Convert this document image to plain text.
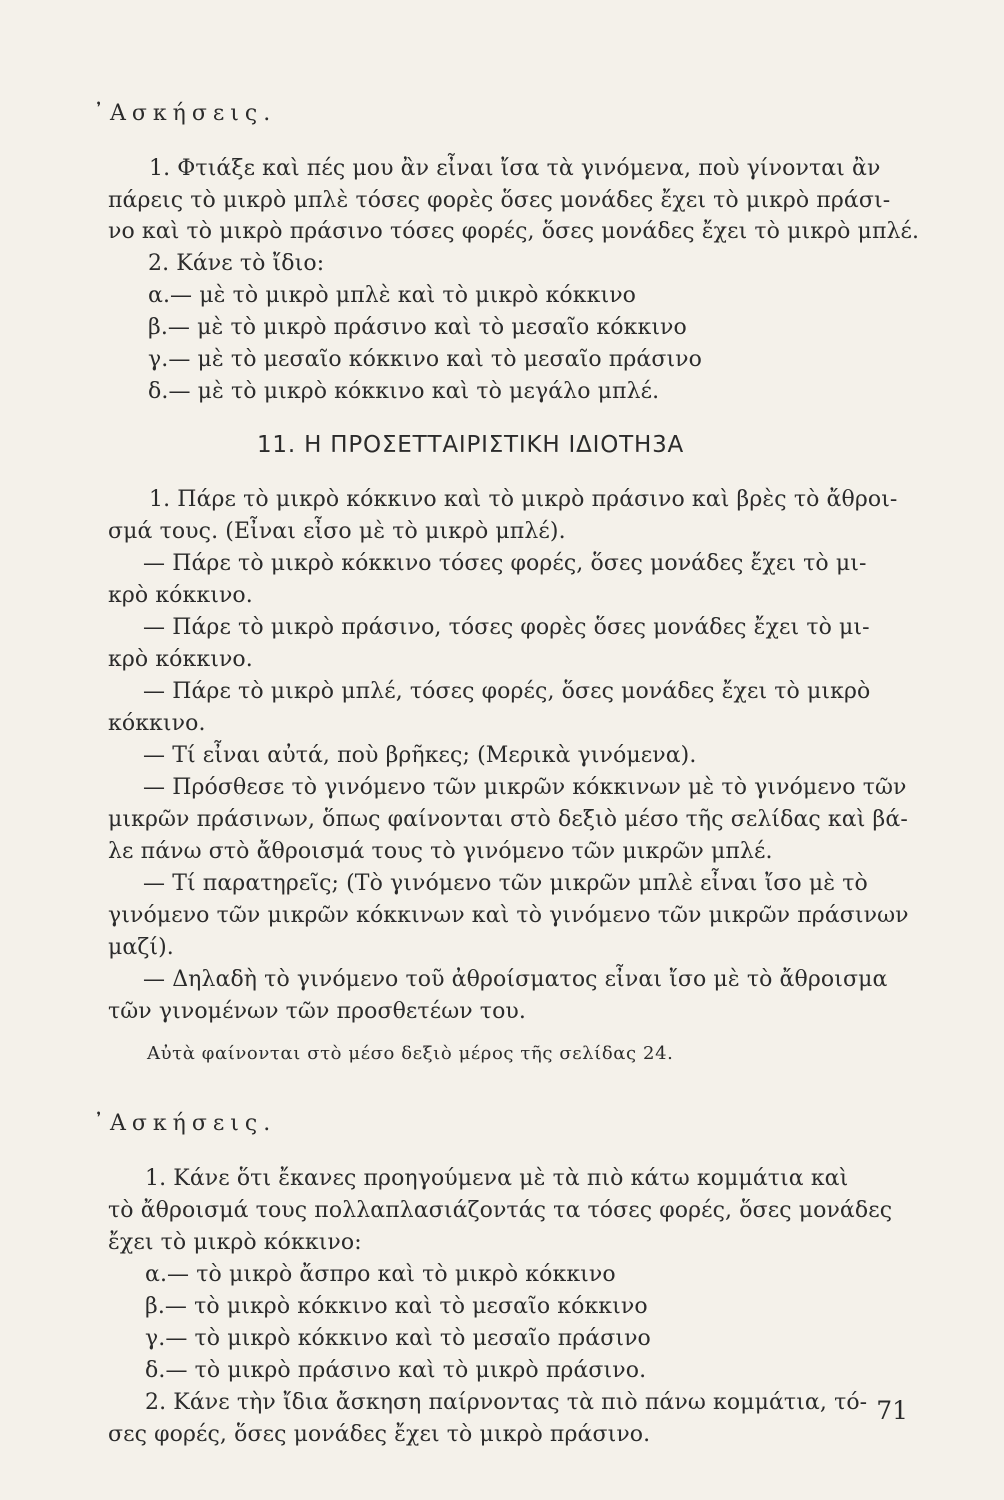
᾿Ασκήσεις.
1. Φτιάξε καὶ πές μου ἂν εἶναι ἴσα τὰ γινόμενα, ποὺ γίνονται ἂν
πάρεις τὸ μικρὸ μπλὲ τόσες φορὲς ὅσες μονάδες ἔχει τὸ μικρὸ πράσι-
νο καὶ τὸ μικρὸ πράσινο τόσες φορές, ὅσες μονάδες ἔχει τὸ μικρὸ μπλέ.
2. Κάνε τὸ ἴδιο:
α.— μὲ τὸ μικρὸ μπλὲ καὶ τὸ μικρὸ κόκκινο
β.— μὲ τὸ μικρὸ πράσινο καὶ τὸ μεσαῖο κόκκινο
γ.— μὲ τὸ μεσαῖο κόκκινο καὶ τὸ μεσαῖο πράσινο
δ.— μὲ τὸ μικρὸ κόκκινο καὶ τὸ μεγάλο μπλέ.
11. Η ΠΡΟΣΕΤΤΑΙΡΙΣΤΙΚΗ ΙΔΙΟΤΗ3Α
1. Πάρε τὸ μικρὸ κόκκινο καὶ τὸ μικρὸ πράσινο καὶ βρὲς τὸ ἄθροι-
σμά τους. (Εἶναι εἶσο μὲ τὸ μικρὸ μπλέ).
— Πάρε τὸ μικρὸ κόκκινο τόσες φορές, ὅσες μονάδες ἔχει τὸ μι-
κρὸ κόκκινο.
— Πάρε τὸ μικρὸ πράσινο, τόσες φορὲς ὅσες μονάδες ἔχει τὸ μι-
κρὸ κόκκινο.
— Πάρε τὸ μικρὸ μπλέ, τόσες φορές, ὅσες μονάδες ἔχει τὸ μικρὸ
κόκκινο.
— Τί εἶναι αὐτά, ποὺ βρῆκες; (Μερικὰ γινόμενα).
— Πρόσθεσε τὸ γινόμενο τῶν μικρῶν κόκκινων μὲ τὸ γινόμενο τῶν
μικρῶν πράσινων, ὅπως φαίνονται στὸ δεξιὸ μέσο τῆς σελίδας καὶ βά-
λε πάνω στὸ ἄθροισμά τους τὸ γινόμενο τῶν μικρῶν μπλέ.
— Τί παρατηρεῖς; (Τὸ γινόμενο τῶν μικρῶν μπλὲ εἶναι ἴσο μὲ τὸ
γινόμενο τῶν μικρῶν κόκκινων καὶ τὸ γινόμενο τῶν μικρῶν πράσινων
μαζί).
— Δηλαδὴ τὸ γινόμενο τοῦ ἀθροίσματος εἶναι ἴσο μὲ τὸ ἄθροισμα
τῶν γινομένων τῶν προσθετέων του.
Αὐτὰ φαίνονται στὸ μέσο δεξιὸ μέρος τῆς σελίδας 24.
᾿Ασκήσεις.
1. Κάνε ὅτι ἔκανες προηγούμενα μὲ τὰ πιὸ κάτω κομμάτια καὶ
τὸ ἄθροισμά τους πολλαπλασιάζοντάς τα τόσες φορές, ὅσες μονάδες
ἔχει τὸ μικρὸ κόκκινο:
α.— τὸ μικρὸ ἄσπρο καὶ τὸ μικρὸ κόκκινο
β.— τὸ μικρὸ κόκκινο καὶ τὸ μεσαῖο κόκκινο
γ.— τὸ μικρὸ κόκκινο καὶ τὸ μεσαῖο πράσινο
δ.— τὸ μικρὸ πράσινο καὶ τὸ μικρὸ πράσινο.
2. Κάνε τὴν ἴδια ἄσκηση παίρνοντας τὰ πιὸ πάνω κομμάτια, τό-
σες φορές, ὅσες μονάδες ἔχει τὸ μικρὸ πράσινο.
71
